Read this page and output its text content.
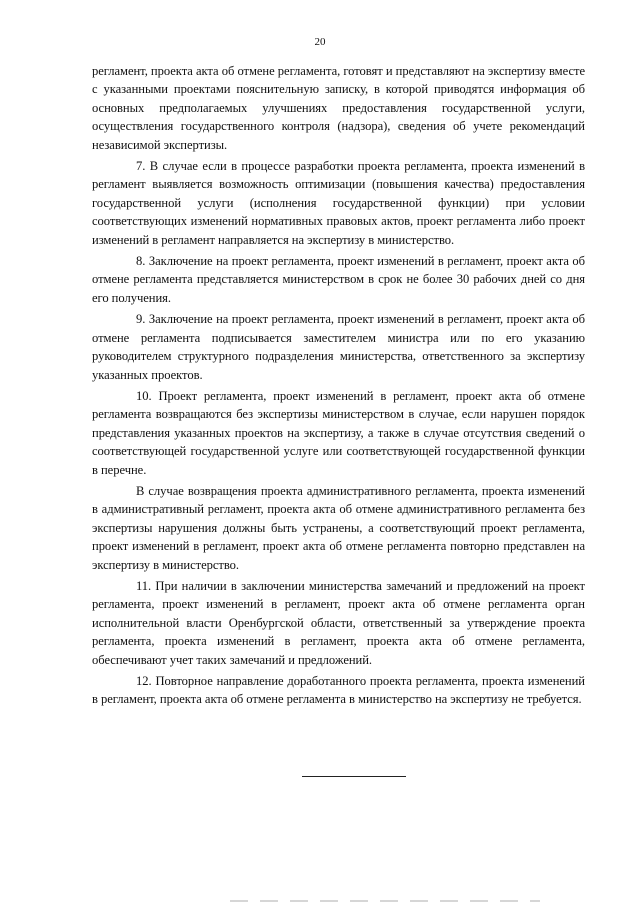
20

регламент, проекта акта об отмене регламента, готовят и представляют на экспертизу вместе с указанными проектами пояснительную записку, в которой приводятся информация об основных предполагаемых улучшениях предоставления государственной услуги, осуществления государственного контроля (надзора), сведения об учете рекомендаций независимой экспертизы.

7. В случае если в процессе разработки проекта регламента, проекта изменений в регламент выявляется возможность оптимизации (повышения качества) предоставления государственной услуги (исполнения государственной функции) при условии соответствующих изменений нормативных правовых актов, проект регламента либо проект изменений в регламент направляется на экспертизу в министерство.

8. Заключение на проект регламента, проект изменений в регламент, проект акта об отмене регламента представляется министерством в срок не более 30 рабочих дней со дня его получения.

9. Заключение на проект регламента, проект изменений в регламент, проект акта об отмене регламента подписывается заместителем министра или по его указанию руководителем структурного подразделения министерства, ответственного за экспертизу указанных проектов.

10. Проект регламента, проект изменений в регламент, проект акта об отмене регламента возвращаются без экспертизы министерством в случае, если нарушен порядок представления указанных проектов на экспертизу, а также в случае отсутствия сведений о соответствующей государственной услуге или соответствующей государственной функции в перечне.

В случае возвращения проекта административного регламента, проекта изменений в административный регламент, проекта акта об отмене административного регламента без экспертизы нарушения должны быть устранены, а соответствующий проект регламента, проект изменений в регламент, проект акта об отмене регламента повторно представлен на экспертизу в министерство.

11. При наличии в заключении министерства замечаний и предложений на проект регламента, проект изменений в регламент, проект акта об отмене регламента орган исполнительной власти Оренбургской области, ответственный за утверждение проекта регламента, проекта изменений в регламент, проекта акта об отмене регламента, обеспечивают учет таких замечаний и предложений.

12. Повторное направление доработанного проекта регламента, проекта изменений в регламент, проекта акта об отмене регламента в министерство на экспертизу не требуется.
